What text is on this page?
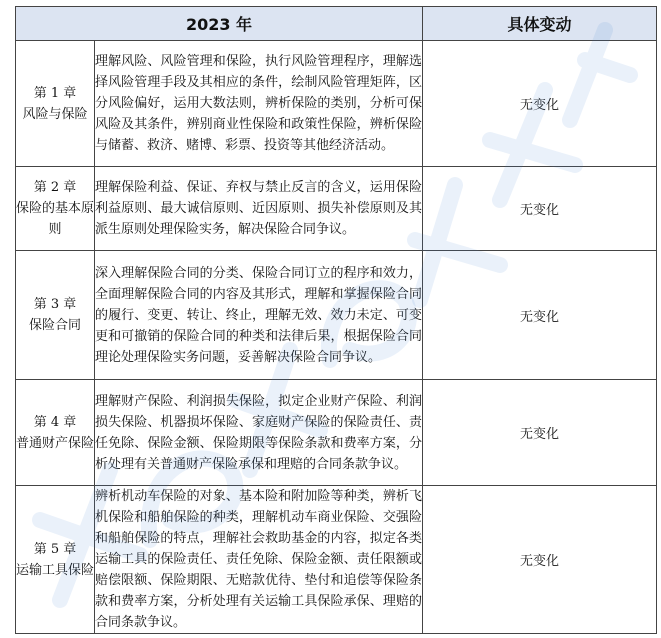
2023 年		具体变动

第 1 章
风险与保险	理解风险、风险管理和保险，执行风险管理程序，理解选择风险管理手段及其相应的条件，绘制风险管理矩阵，区分风险偏好，运用大数法则，辨析保险的类别，分析可保风险及其条件，辨别商业性保险和政策性保险，辨析保险与储蓄、救济、赌博、彩票、投资等其他经济活动。	无变化

第 2 章
保险的基本原则	理解保险利益、保证、弃权与禁止反言的含义，运用保险利益原则、最大诚信原则、近因原则、损失补偿原则及其派生原则处理保险实务，解决保险合同争议。	无变化

第 3 章
保险合同	深入理解保险合同的分类、保险合同订立的程序和效力，全面理解保险合同的内容及其形式，理解和掌握保险合同的履行、变更、转让、终止，理解无效、效力未定、可变更和可撤销的保险合同的种类和法律后果，根据保险合同理论处理保险实务问题，妥善解决保险合同争议。	无变化

第 4 章
普通财产保险	理解财产保险、利润损失保险，拟定企业财产保险、利润损失保险、机器损坏保险、家庭财产保险的保险责任、责任免除、保险金额、保险期限等保险条款和费率方案，分析处理有关普通财产保险承保和理赔的合同条款争议。	无变化

第 5 章
运输工具保险	辨析机动车保险的对象、基本险和附加险等种类，辨析飞机保险和船舶保险的种类，理解机动车商业保险、交强险和船舶保险的特点，理解社会救助基金的内容，拟定各类运输工具的保险责任、责任免除、保险金额、责任限额或赔偿限额、保险期限、无赔款优待、垫付和追偿等保险条款和费率方案，分析处理有关运输工具保险承保、理赔的合同条款争议。	无变化
